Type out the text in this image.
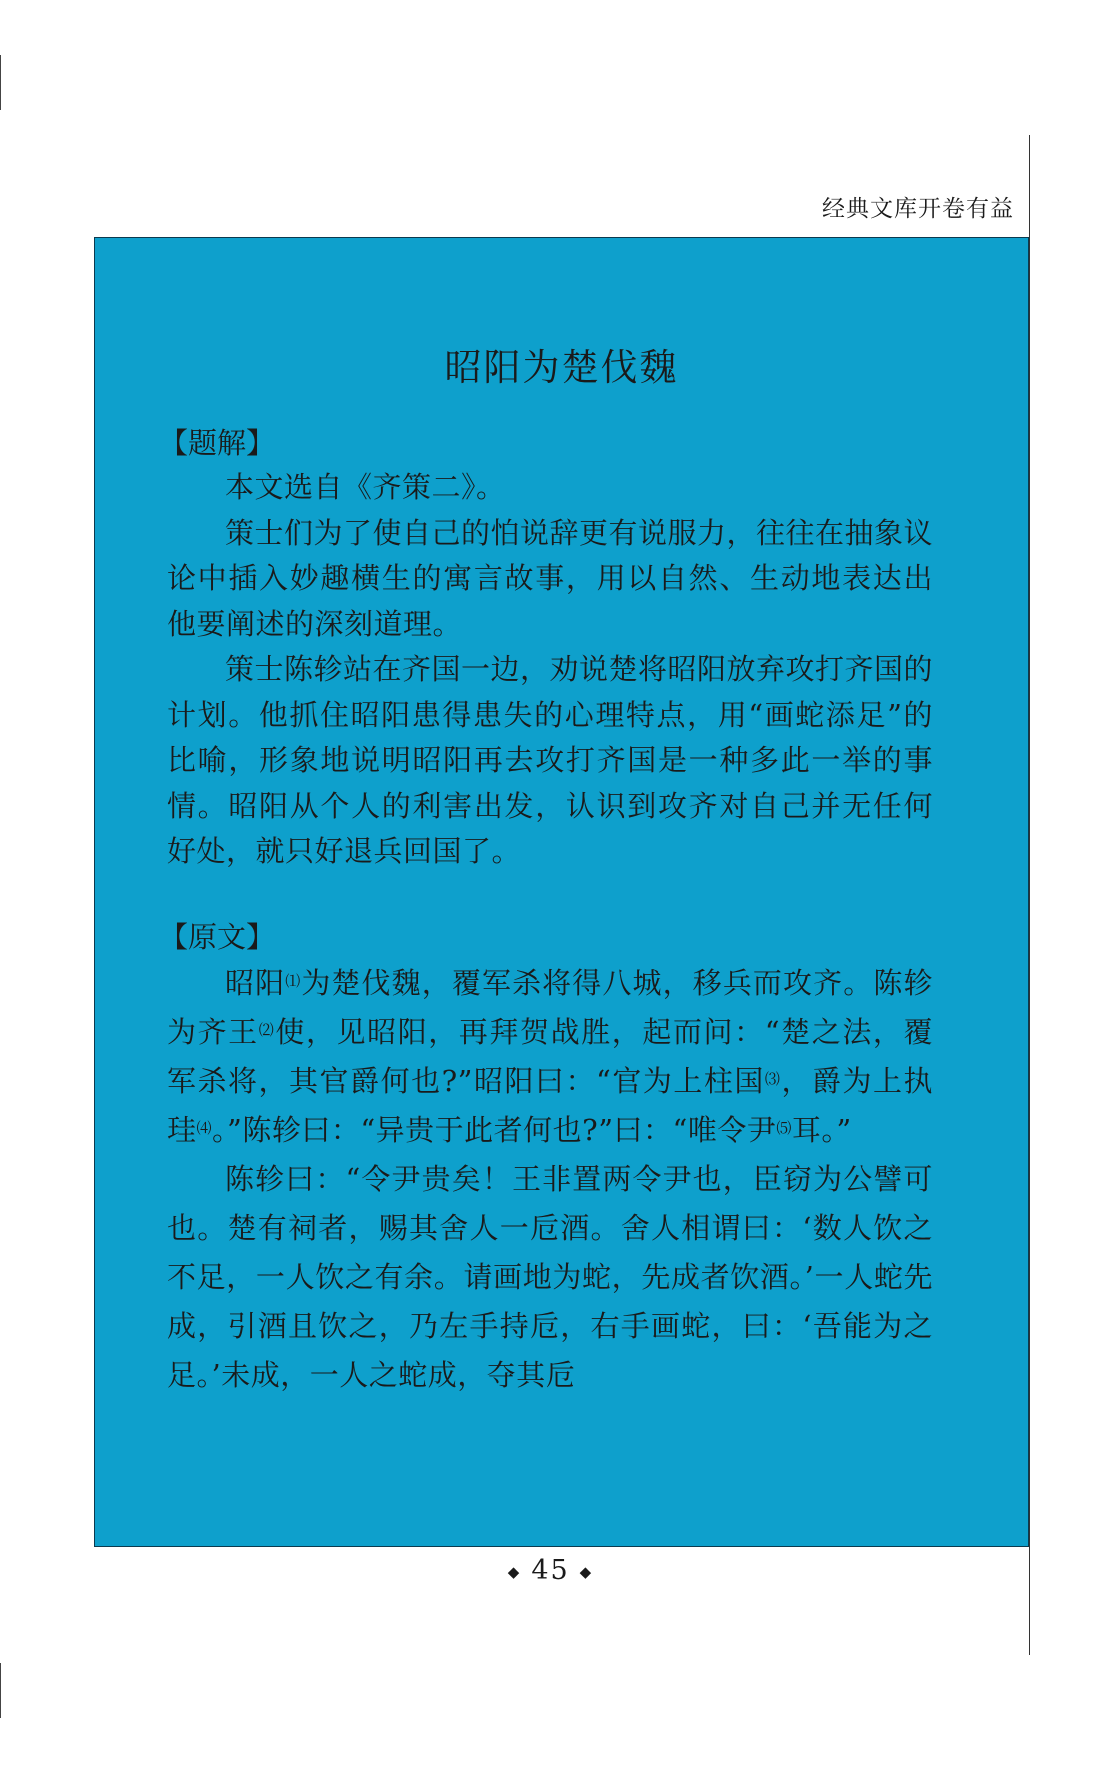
经典文库开卷有益
昭阳为楚伐魏
【题解】

本文选自《齐策二》。

策士们为了使自己的怕说辞更有说服力，往往在抽象议论中插入妙趣横生的寓言故事，用以自然、生动地表达出他要阐述的深刻道理。

策士陈轸站在齐国一边，劝说楚将昭阳放弃攻打齐国的计划。他抓住昭阳患得患失的心理特点，用“画蛇添足”的比喻，形象地说明昭阳再去攻打齐国是一种多此一举的事情。昭阳从个人的利害出发，认识到攻齐对自己并无任何好处，就只好退兵回国了。

【原文】

昭阳⑴为楚伐魏，覆军杀将得八城，移兵而攻齐。陈轸为齐王⑵使，见昭阳，再拜贺战胜，起而问：“楚之法，覆军杀将，其官爵何也?”昭阳曰：“官为上柱国⑶，爵为上执珪⑷。”陈轸曰：“异贵于此者何也?”曰：“唯令尹⑸耳。”

陈轸曰：“令尹贵矣！王非置两令尹也，臣窃为公譬可也。楚有祠者，赐其舍人一卮酒。舍人相谓曰：‘数人饮之不足，一人饮之有余。请画地为蛇，先成者饮酒。’一人蛇先成，引酒且饮之，乃左手持卮，右手画蛇，曰：‘吾能为之足。’未成，一人之蛇成，夺其卮

◆ 45 ◆
